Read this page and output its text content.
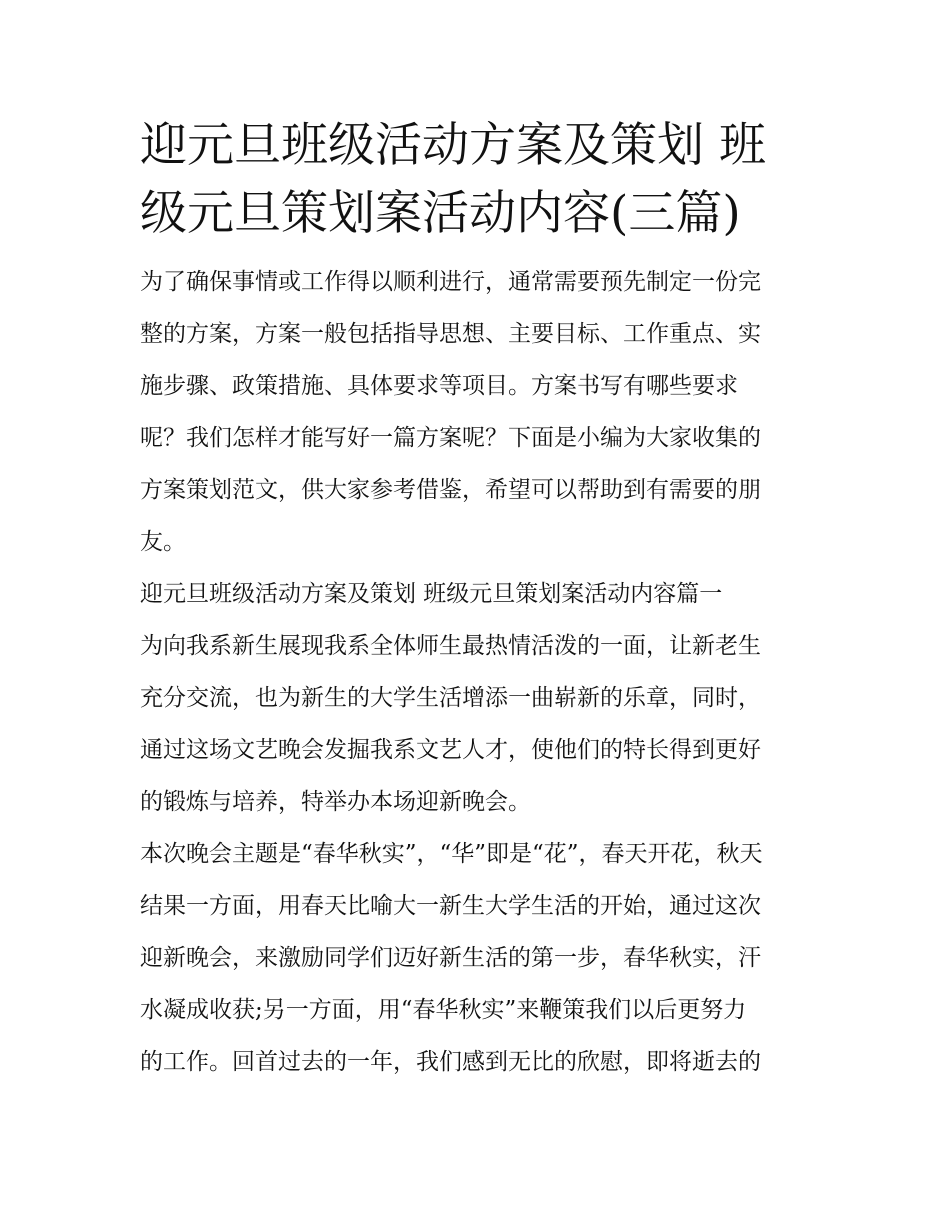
迎元旦班级活动方案及策划 班
级元旦策划案活动内容(三篇)

为了确保事情或工作得以顺利进行，通常需要预先制定一份完
整的方案，方案一般包括指导思想、主要目标、工作重点、实
施步骤、政策措施、具体要求等项目。方案书写有哪些要求
呢？我们怎样才能写好一篇方案呢？下面是小编为大家收集的
方案策划范文，供大家参考借鉴，希望可以帮助到有需要的朋
友。

迎元旦班级活动方案及策划 班级元旦策划案活动内容篇一

为向我系新生展现我系全体师生最热情活泼的一面，让新老生
充分交流，也为新生的大学生活增添一曲崭新的乐章，同时，
通过这场文艺晚会发掘我系文艺人才，使他们的特长得到更好
的锻炼与培养，特举办本场迎新晚会。

本次晚会主题是“春华秋实”，“华”即是“花”，春天开花，秋天
结果一方面，用春天比喻大一新生大学生活的开始，通过这次
迎新晚会，来激励同学们迈好新生活的第一步，春华秋实，汗
水凝成收获;另一方面，用“春华秋实”来鞭策我们以后更努力
的工作。回首过去的一年，我们感到无比的欣慰，即将逝去的
